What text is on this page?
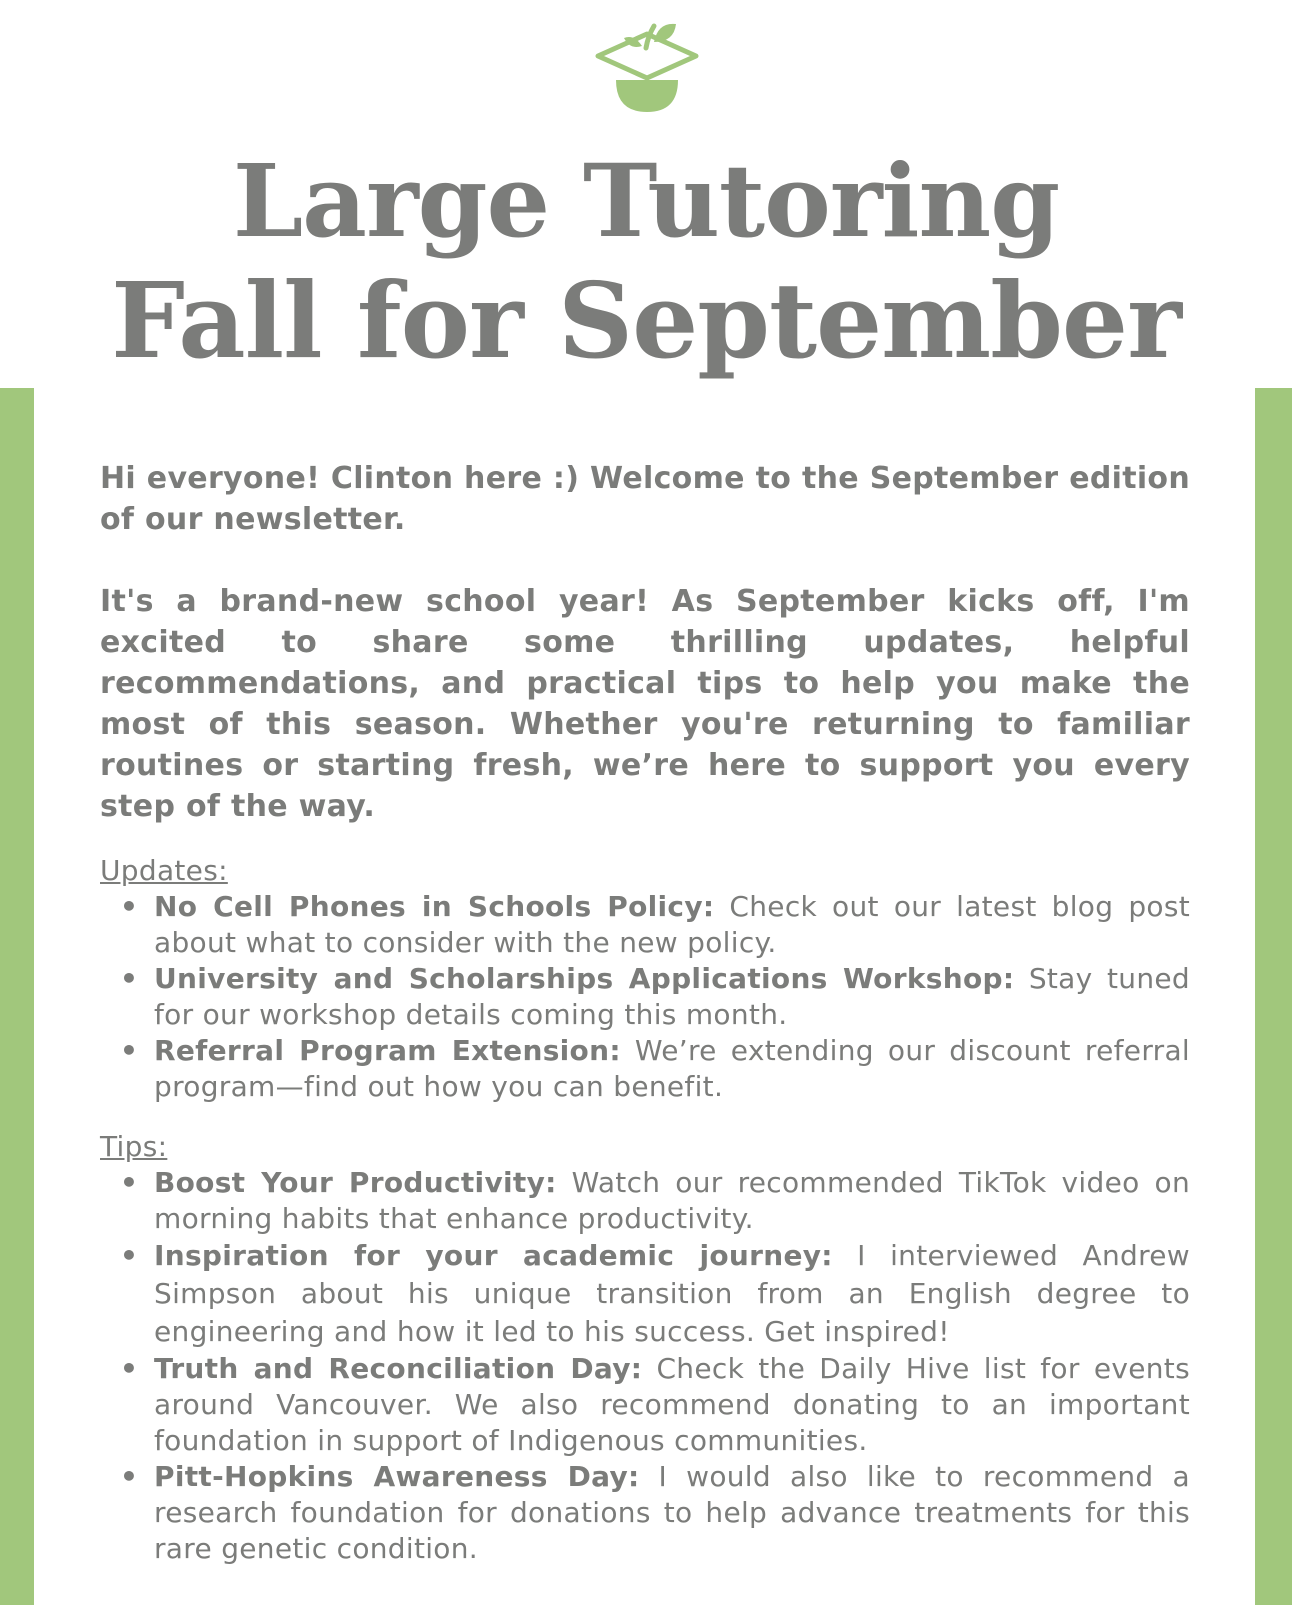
Large Tutoring
Fall for September

Hi everyone! Clinton here :) Welcome to the September edition of our newsletter.

It's a brand-new school year! As September kicks off, I'm excited to share some thrilling updates, helpful recommendations, and practical tips to help you make the most of this season. Whether you're returning to familiar routines or starting fresh, we’re here to support you every step of the way.

Updates:
• No Cell Phones in Schools Policy: Check out our latest blog post about what to consider with the new policy.
• University and Scholarships Applications Workshop: Stay tuned for our workshop details coming this month.
• Referral Program Extension: We’re extending our discount referral program—find out how you can benefit.
Tips:
• Boost Your Productivity: Watch our recommended TikTok video on morning habits that enhance productivity.
• Inspiration for your academic journey: I interviewed Andrew Simpson about his unique transition from an English degree to engineering and how it led to his success. Get inspired!
• Truth and Reconciliation Day: Check the Daily Hive list for events around Vancouver. We also recommend donating to an important foundation in support of Indigenous communities.
• Pitt-Hopkins Awareness Day: I would also like to recommend a research foundation for donations to help advance treatments for this rare genetic condition.
